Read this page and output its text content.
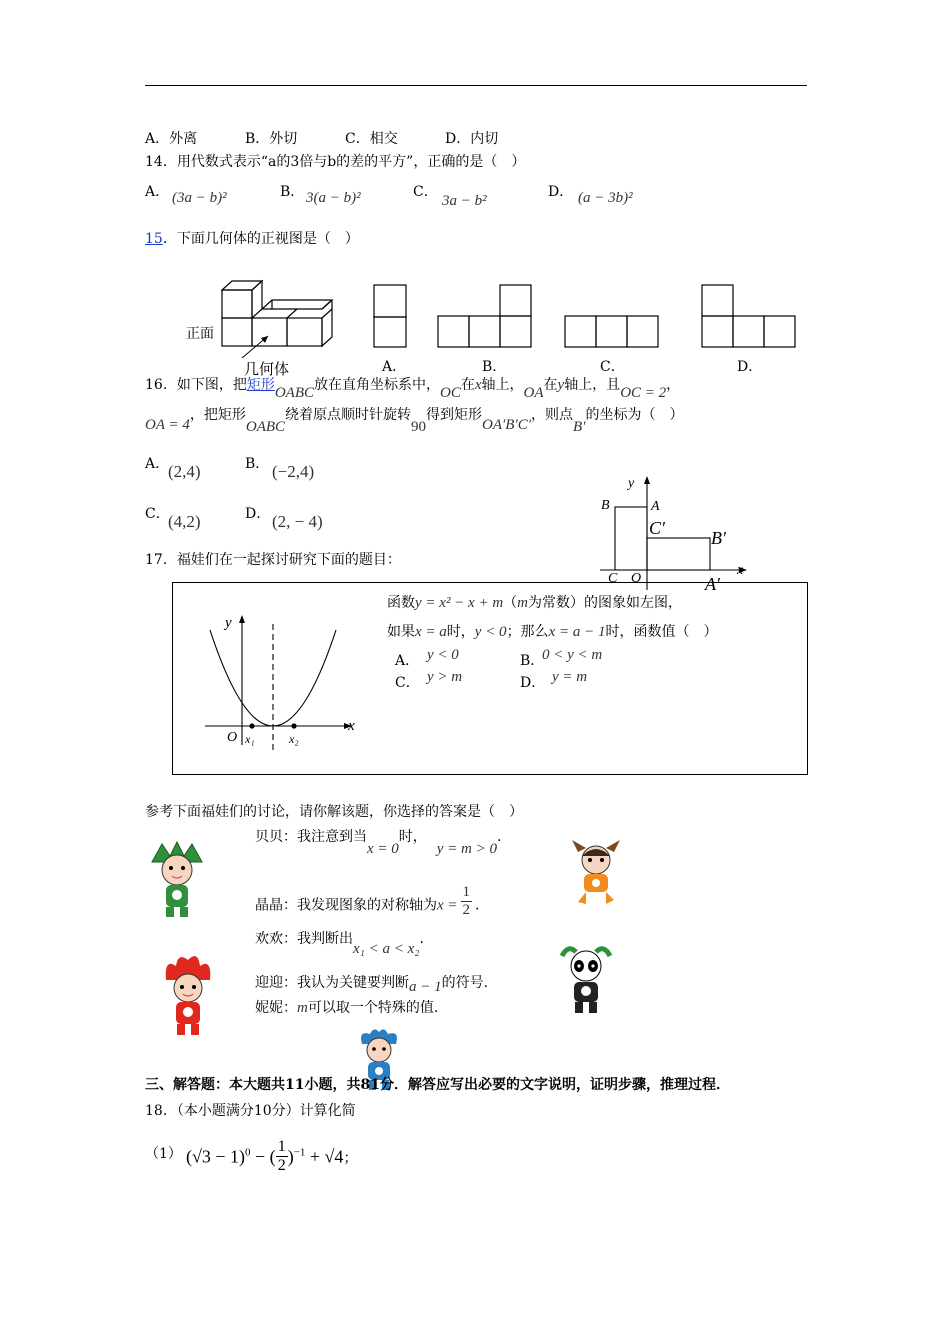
A．外离	B．外切	C．相交	D．内切
14．用代数式表示“a的3倍与b的差的平方”，正确的是（　）
A． (3a − b)²	B． 3(a − b)²	C．
3a − b²
D． (a − 3b)²
15．下面几何体的正视图是（　）
正面
几何体	A．	B．	C．	D．
16．如下图，把矩形OABC放在直角坐标系中，OC在x轴上，OA在y轴上，且OC = 2，
OA = 4，把矩形OABC绕着原点顺时针旋转90得到矩形OA′B′C′，则点B′的坐标为（　）
A．
(2,4)	B． (−2,4)
C．
(4,2)	D． (2, − 4)
y
x
B	A
C′	B′
C O	A′
17．福娃们在一起探讨研究下面的题目：
y
x
O x₁	x₂
函数y = x² − x + m（m为常数）的图象如左图，
如果x = a时，y < 0；那么x = a − 1时，函数值（　）
A． y < 0	B．
0 < y < m
C． y > m	D． y = m
参考下面福娃们的讨论，请你解该题，你选择的答案是（　）
贝贝：我注意到当x = 0时，y = m > 0.
晶晶：我发现图象的对称轴为$x = \frac{1}{2}$ .
欢欢：我判断出x₁ < a < x₂.
迎迎：我认为关键要判断a − 1的符号.
妮妮：m可以取一个特殊的值.
三、解答题：本大题共11小题，共81分．解答应写出必要的文字说明，证明步骤，推理过程．
18．（本小题满分10分）计算化简
（1） $(√3 - 1)^0$ − ( $\frac{1}{2} )^{-1} + √4$；
